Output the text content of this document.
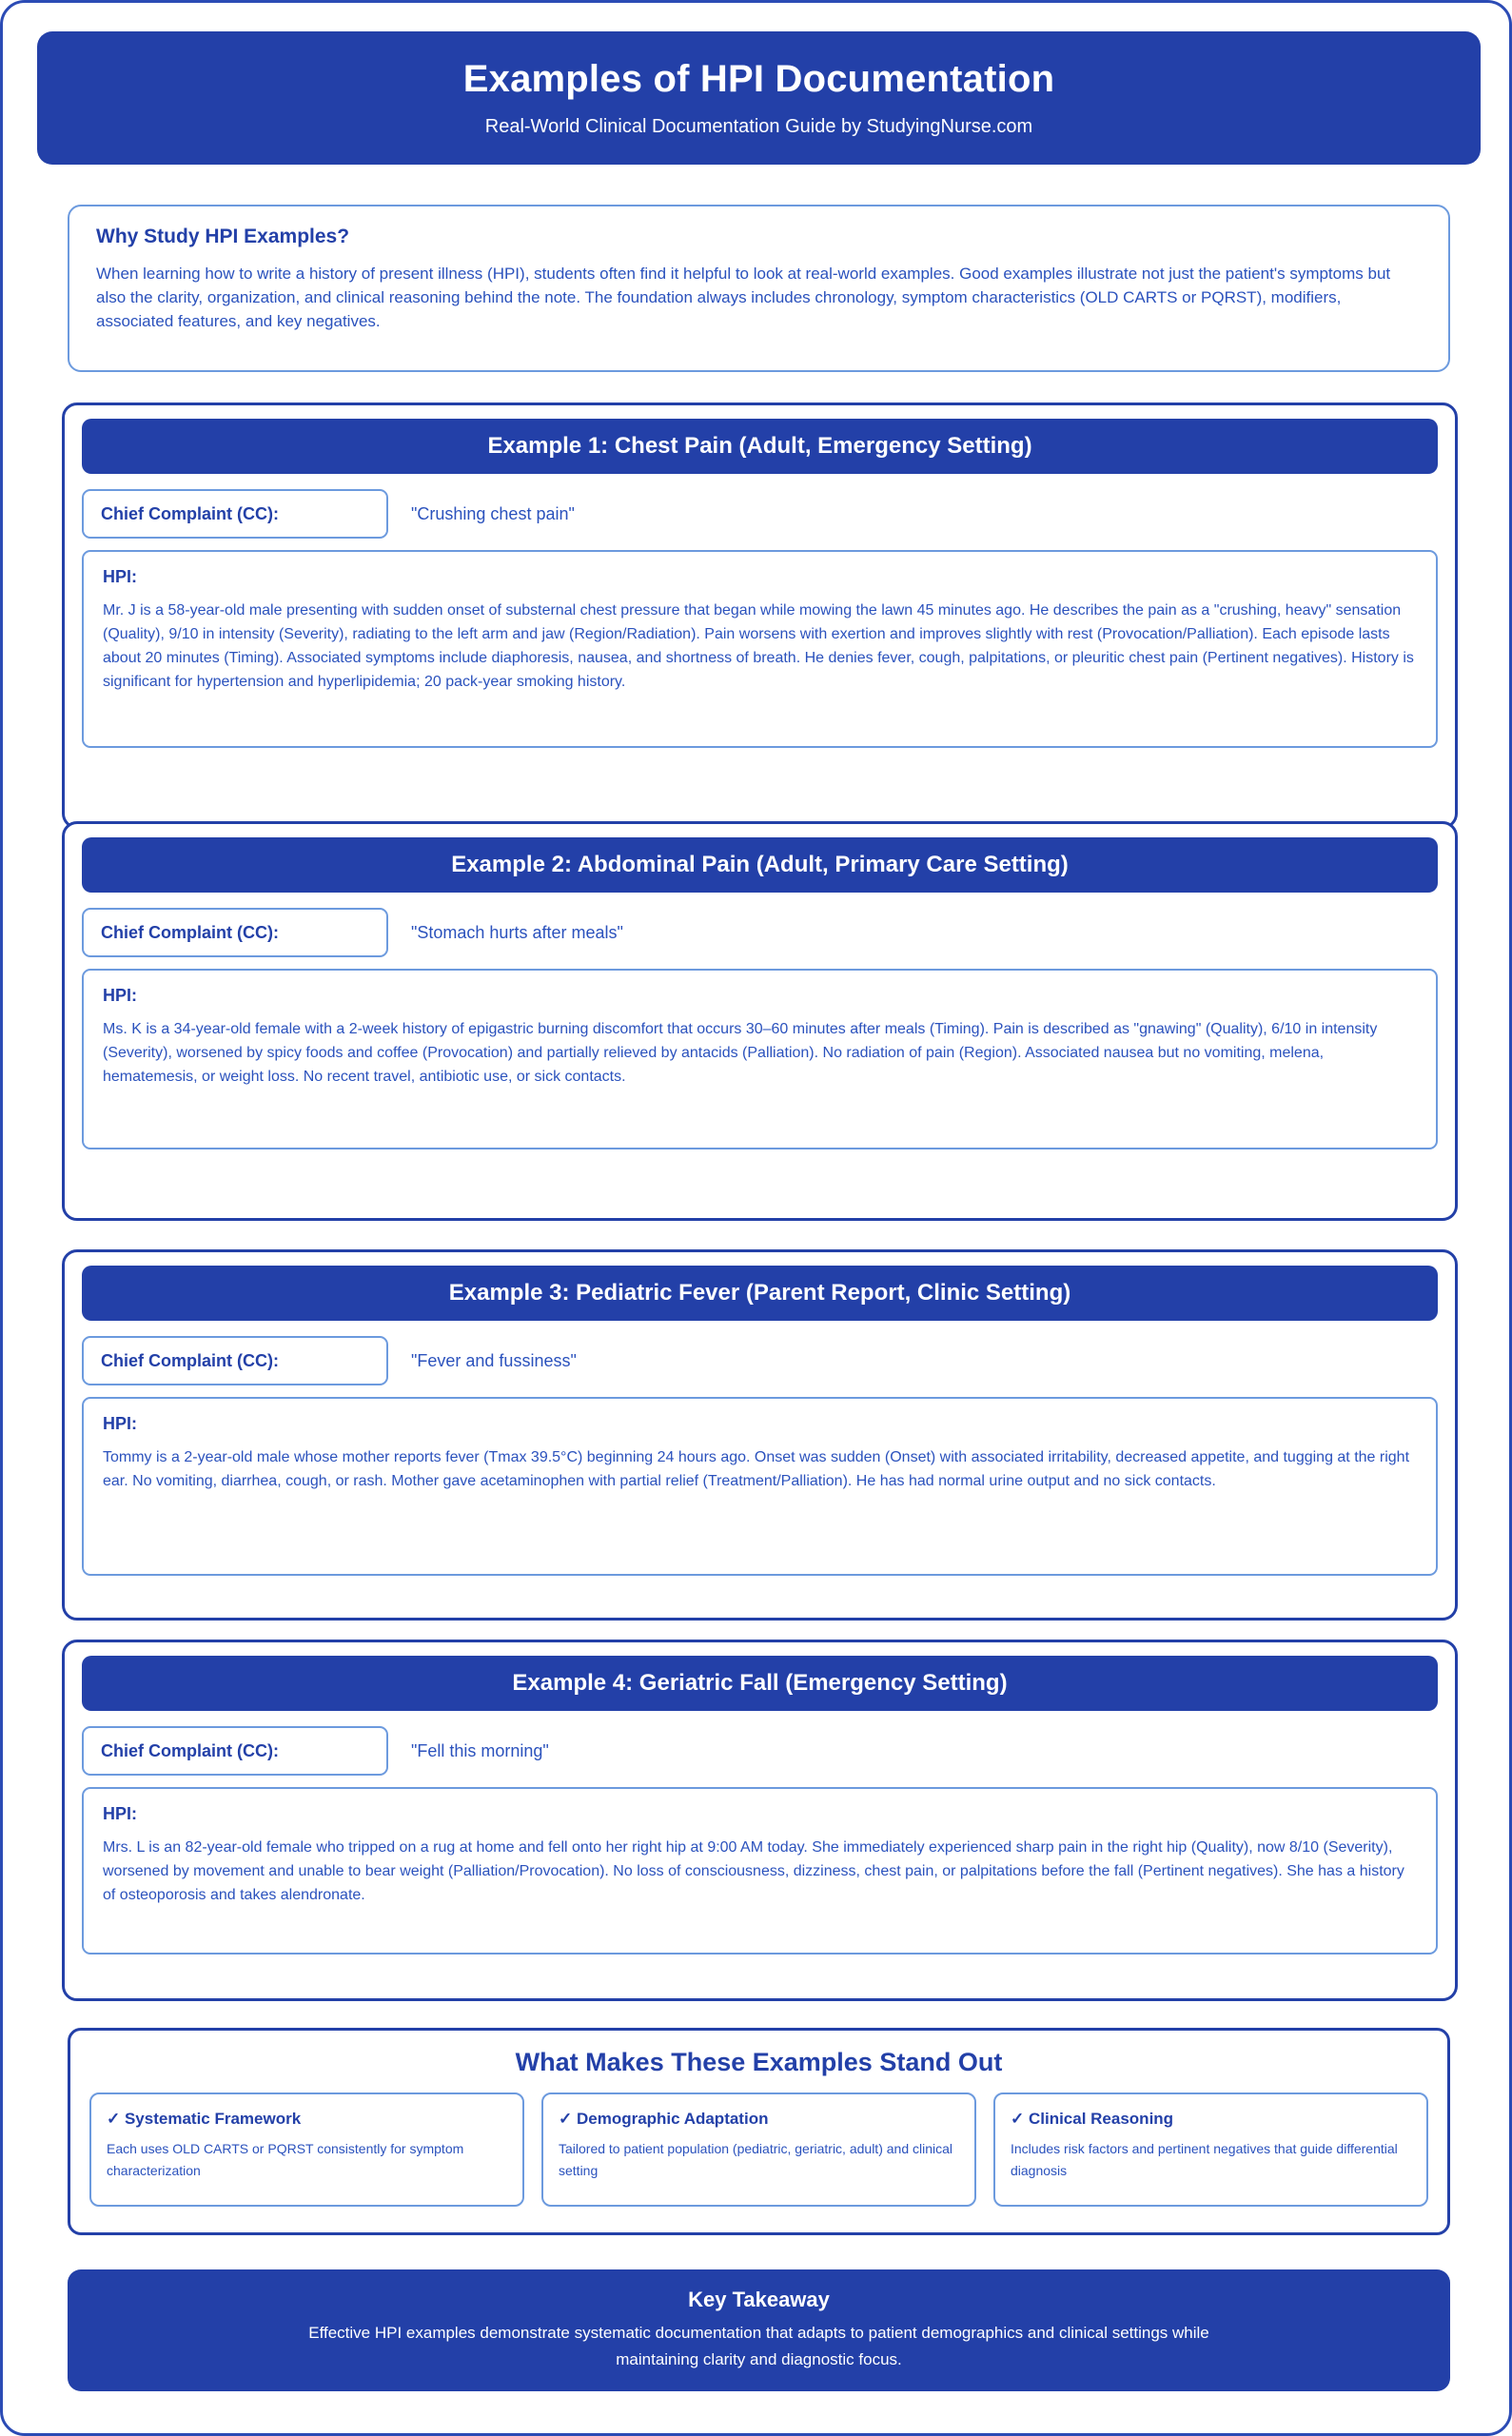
Examples of HPI Documentation
Real-World Clinical Documentation Guide by StudyingNurse.com
Why Study HPI Examples?
When learning how to write a history of present illness (HPI), students often find it helpful to look at real-world examples. Good examples illustrate not just the patient's symptoms but also the clarity, organization, and clinical reasoning behind the note. The foundation always includes chronology, symptom characteristics (OLD CARTS or PQRST), modifiers, associated features, and key negatives.
Example 1: Chest Pain (Adult, Emergency Setting)
Chief Complaint (CC):	"Crushing chest pain"
HPI:
Mr. J is a 58-year-old male presenting with sudden onset of substernal chest pressure that began while mowing the lawn 45 minutes ago. He describes the pain as a "crushing, heavy" sensation (Quality), 9/10 in intensity (Severity), radiating to the left arm and jaw (Region/Radiation). Pain worsens with exertion and improves slightly with rest (Provocation/Palliation). Each episode lasts about 20 minutes (Timing). Associated symptoms include diaphoresis, nausea, and shortness of breath. He denies fever, cough, palpitations, or pleuritic chest pain (Pertinent negatives). History is significant for hypertension and hyperlipidemia; 20 pack-year smoking history.
Example 2: Abdominal Pain (Adult, Primary Care Setting)
Chief Complaint (CC):	"Stomach hurts after meals"
HPI:
Ms. K is a 34-year-old female with a 2-week history of epigastric burning discomfort that occurs 30–60 minutes after meals (Timing). Pain is described as "gnawing" (Quality), 6/10 in intensity (Severity), worsened by spicy foods and coffee (Provocation) and partially relieved by antacids (Palliation). No radiation of pain (Region). Associated nausea but no vomiting, melena, hematemesis, or weight loss. No recent travel, antibiotic use, or sick contacts.
Example 3: Pediatric Fever (Parent Report, Clinic Setting)
Chief Complaint (CC):	"Fever and fussiness"
HPI:
Tommy is a 2-year-old male whose mother reports fever (Tmax 39.5°C) beginning 24 hours ago. Onset was sudden (Onset) with associated irritability, decreased appetite, and tugging at the right ear. No vomiting, diarrhea, cough, or rash. Mother gave acetaminophen with partial relief (Treatment/Palliation). He has had normal urine output and no sick contacts.
Example 4: Geriatric Fall (Emergency Setting)
Chief Complaint (CC):	"Fell this morning"
HPI:
Mrs. L is an 82-year-old female who tripped on a rug at home and fell onto her right hip at 9:00 AM today. She immediately experienced sharp pain in the right hip (Quality), now 8/10 (Severity), worsened by movement and unable to bear weight (Palliation/Provocation). No loss of consciousness, dizziness, chest pain, or palpitations before the fall (Pertinent negatives). She has a history of osteoporosis and takes alendronate.
What Makes These Examples Stand Out
✓ Systematic Framework
Each uses OLD CARTS or PQRST consistently for symptom characterization
✓ Demographic Adaptation
Tailored to patient population (pediatric, geriatric, adult) and clinical setting
✓ Clinical Reasoning
Includes risk factors and pertinent negatives that guide differential diagnosis
Key Takeaway
Effective HPI examples demonstrate systematic documentation that adapts to patient demographics and clinical settings while maintaining clarity and diagnostic focus.
